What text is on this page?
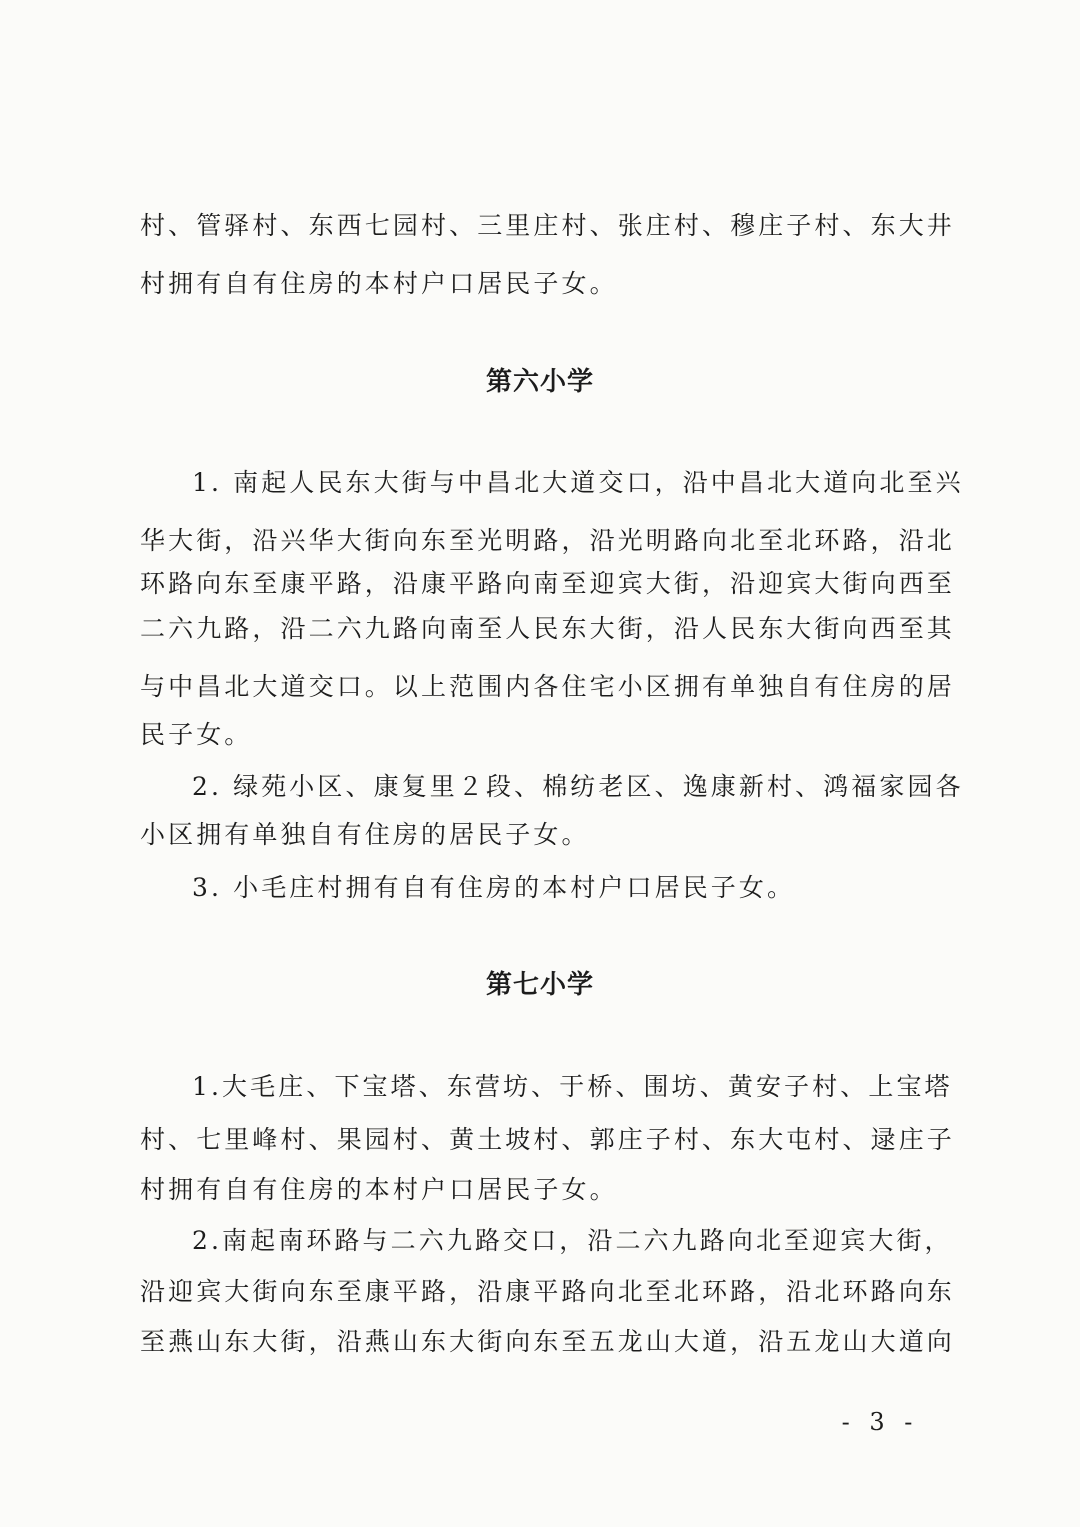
村、管驿村、东西七园村、三里庄村、张庄村、穆庄子村、东大井
村拥有自有住房的本村户口居民子女。
第六小学
1. 南起人民东大街与中昌北大道交口，沿中昌北大道向北至兴
华大街，沿兴华大街向东至光明路，沿光明路向北至北环路，沿北
环路向东至康平路，沿康平路向南至迎宾大街，沿迎宾大街向西至
二六九路，沿二六九路向南至人民东大街，沿人民东大街向西至其
与中昌北大道交口。以上范围内各住宅小区拥有单独自有住房的居
民子女。
2. 绿苑小区、康复里２段、棉纺老区、逸康新村、鸿福家园各
小区拥有单独自有住房的居民子女。
3. 小毛庄村拥有自有住房的本村户口居民子女。
第七小学
1.大毛庄、下宝塔、东营坊、于桥、围坊、黄安子村、上宝塔
村、七里峰村、果园村、黄土坡村、郭庄子村、东大屯村、逯庄子
村拥有自有住房的本村户口居民子女。
2.南起南环路与二六九路交口，沿二六九路向北至迎宾大街，
沿迎宾大街向东至康平路，沿康平路向北至北环路，沿北环路向东
至燕山东大街，沿燕山东大街向东至五龙山大道，沿五龙山大道向
- 3 -
